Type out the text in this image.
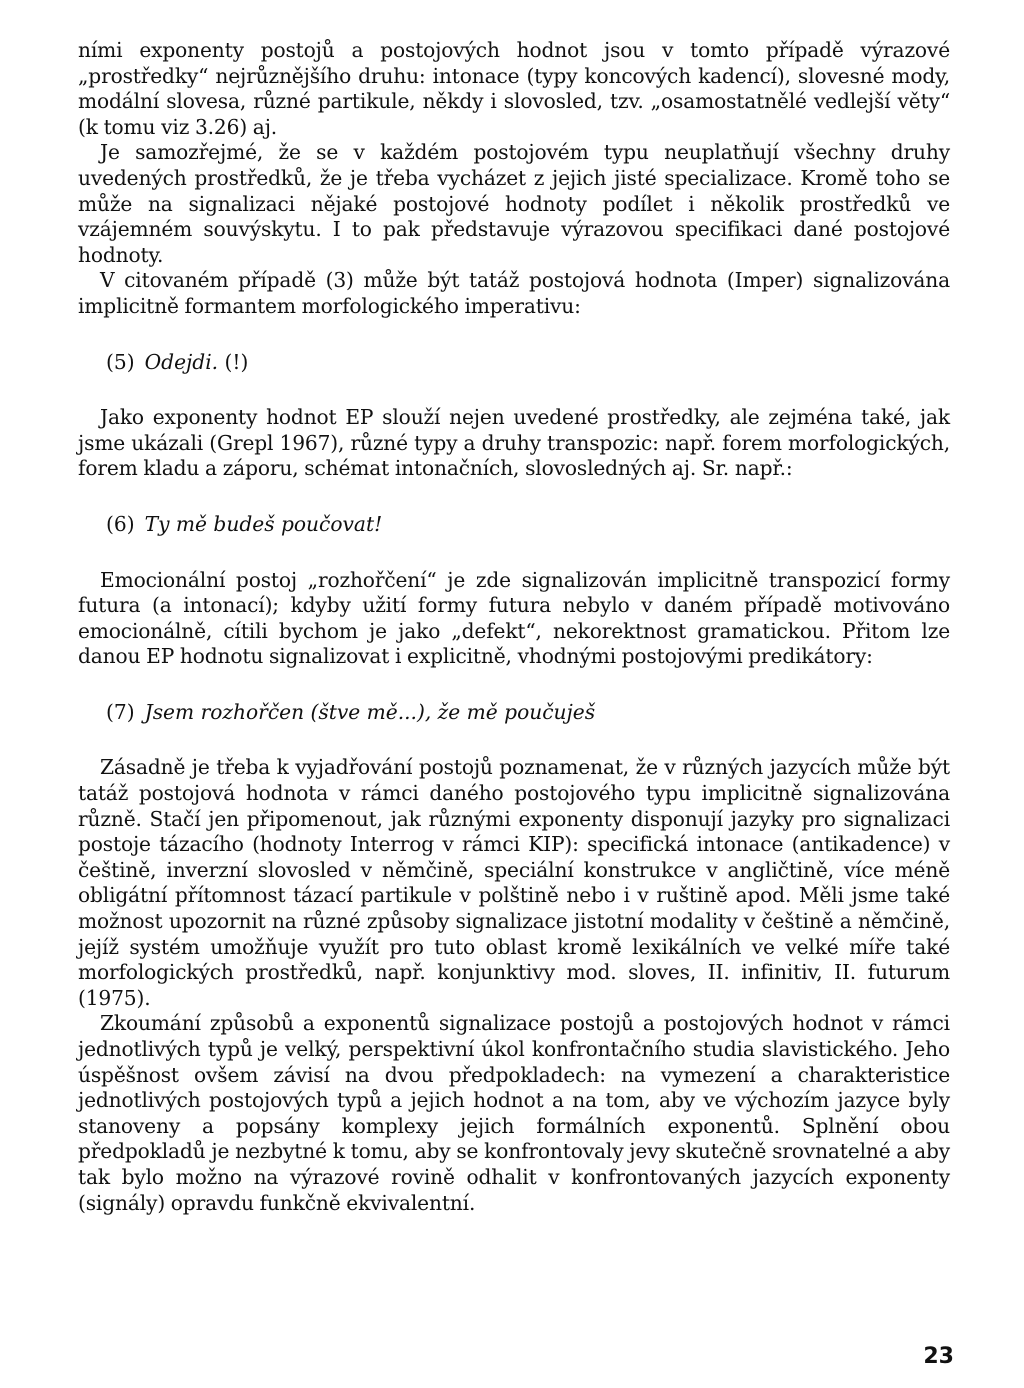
ními exponenty postojů a postojových hodnot jsou v tomto případě výrazové „prostředky“ nejrůznějšího druhu: intonace (typy koncových kadencí), slovesné mody, modální slovesa, různé partikule, někdy i slovosled, tzv. „osamostatnělé vedlejší věty“ (k tomu viz 3.26) aj.

Je samozřejmé, že se v každém postojovém typu neuplatňují všechny druhy uvedených prostředků, že je třeba vycházet z jejich jisté specializace. Kromě toho se může na signalizaci nějaké postojové hodnoty podílet i několik prostředků ve vzájemném souvýskytu. I to pak představuje výrazovou specifikaci dané postojové hodnoty.

V citovaném případě (3) může být tatáž postojová hodnota (Imper) signalizována implicitně formantem morfologického imperativu:

(5) Odejdi. (!)

Jako exponenty hodnot EP slouží nejen uvedené prostředky, ale zejména také, jak jsme ukázali (Grepl 1967), různé typy a druhy transpozic: např. forem morfologických, forem kladu a záporu, schémat intonačních, slovosledných aj. Sr. např.:

(6) Ty mě budeš poučovat!

Emocionální postoj „rozhořčení“ je zde signalizován implicitně transpozicí formy futura (a intonací); kdyby užití formy futura nebylo v daném případě motivováno emocionálně, cítili bychom je jako „defekt“, nekorektnost gramatickou. Přitom lze danou EP hodnotu signalizovat i explicitně, vhodnými postojovými predikátory:

(7) Jsem rozhořčen (štve mě...), že mě poučuješ

Zásadně je třeba k vyjadřování postojů poznamenat, že v různých jazycích může být tatáž postojová hodnota v rámci daného postojového typu implicitně signalizována různě. Stačí jen připomenout, jak různými exponenty disponují jazyky pro signalizaci postoje tázacího (hodnoty Interrog v rámci KIP): specifická intonace (antikadence) v češtině, inverzní slovosled v němčině, speciální konstrukce v angličtině, více méně obligátní přítomnost tázací partikule v polštině nebo i v ruštině apod. Měli jsme také možnost upozornit na různé způsoby signalizace jistotní modality v češtině a němčině, jejíž systém umožňuje využít pro tuto oblast kromě lexikálních ve velké míře také morfologických prostředků, např. konjunktivy mod. sloves, II. infinitiv, II. futurum (1975).

Zkoumání způsobů a exponentů signalizace postojů a postojových hodnot v rámci jednotlivých typů je velký, perspektivní úkol konfrontačního studia slavistického. Jeho úspěšnost ovšem závisí na dvou předpokladech: na vymezení a charakteristice jednotlivých postojových typů a jejich hodnot a na tom, aby ve výchozím jazyce byly stanoveny a popsány komplexy jejich formálních exponentů. Splnění obou předpokladů je nezbytné k tomu, aby se konfrontovaly jevy skutečně srovnatelné a aby tak bylo možno na výrazové rovině odhalit v konfrontovaných jazycích exponenty (signály) opravdu funkčně ekvivalentní.

23
